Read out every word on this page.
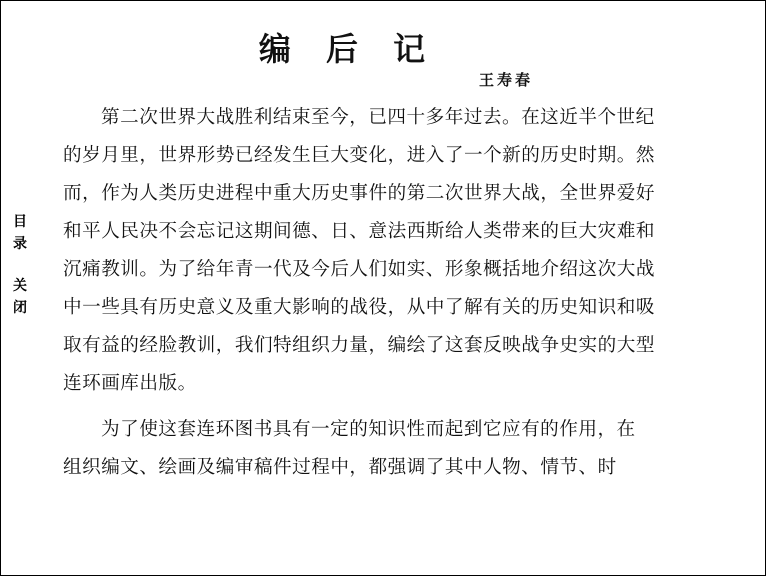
编 后 记
王寿春
目
录
关
闭

第二次世界大战胜利结束至今，已四十多年过去。在这近半个世纪
的岁月里，世界形势已经发生巨大变化，进入了一个新的历史时期。然
而，作为人类历史进程中重大历史事件的第二次世界大战，全世界爱好
和平人民决不会忘记这期间德、日、意法西斯给人类带来的巨大灾难和
沉痛教训。为了给年青一代及今后人们如实、形象概括地介绍这次大战
中一些具有历史意义及重大影响的战役，从中了解有关的历史知识和吸
取有益的经脸教训，我们特组织力量，编绘了这套反映战争史实的大型
连环画库出版。

为了使这套连环图书具有一定的知识性而起到它应有的作用，在
组织编文、绘画及编审稿件过程中，都强调了其中人物、情节、时
